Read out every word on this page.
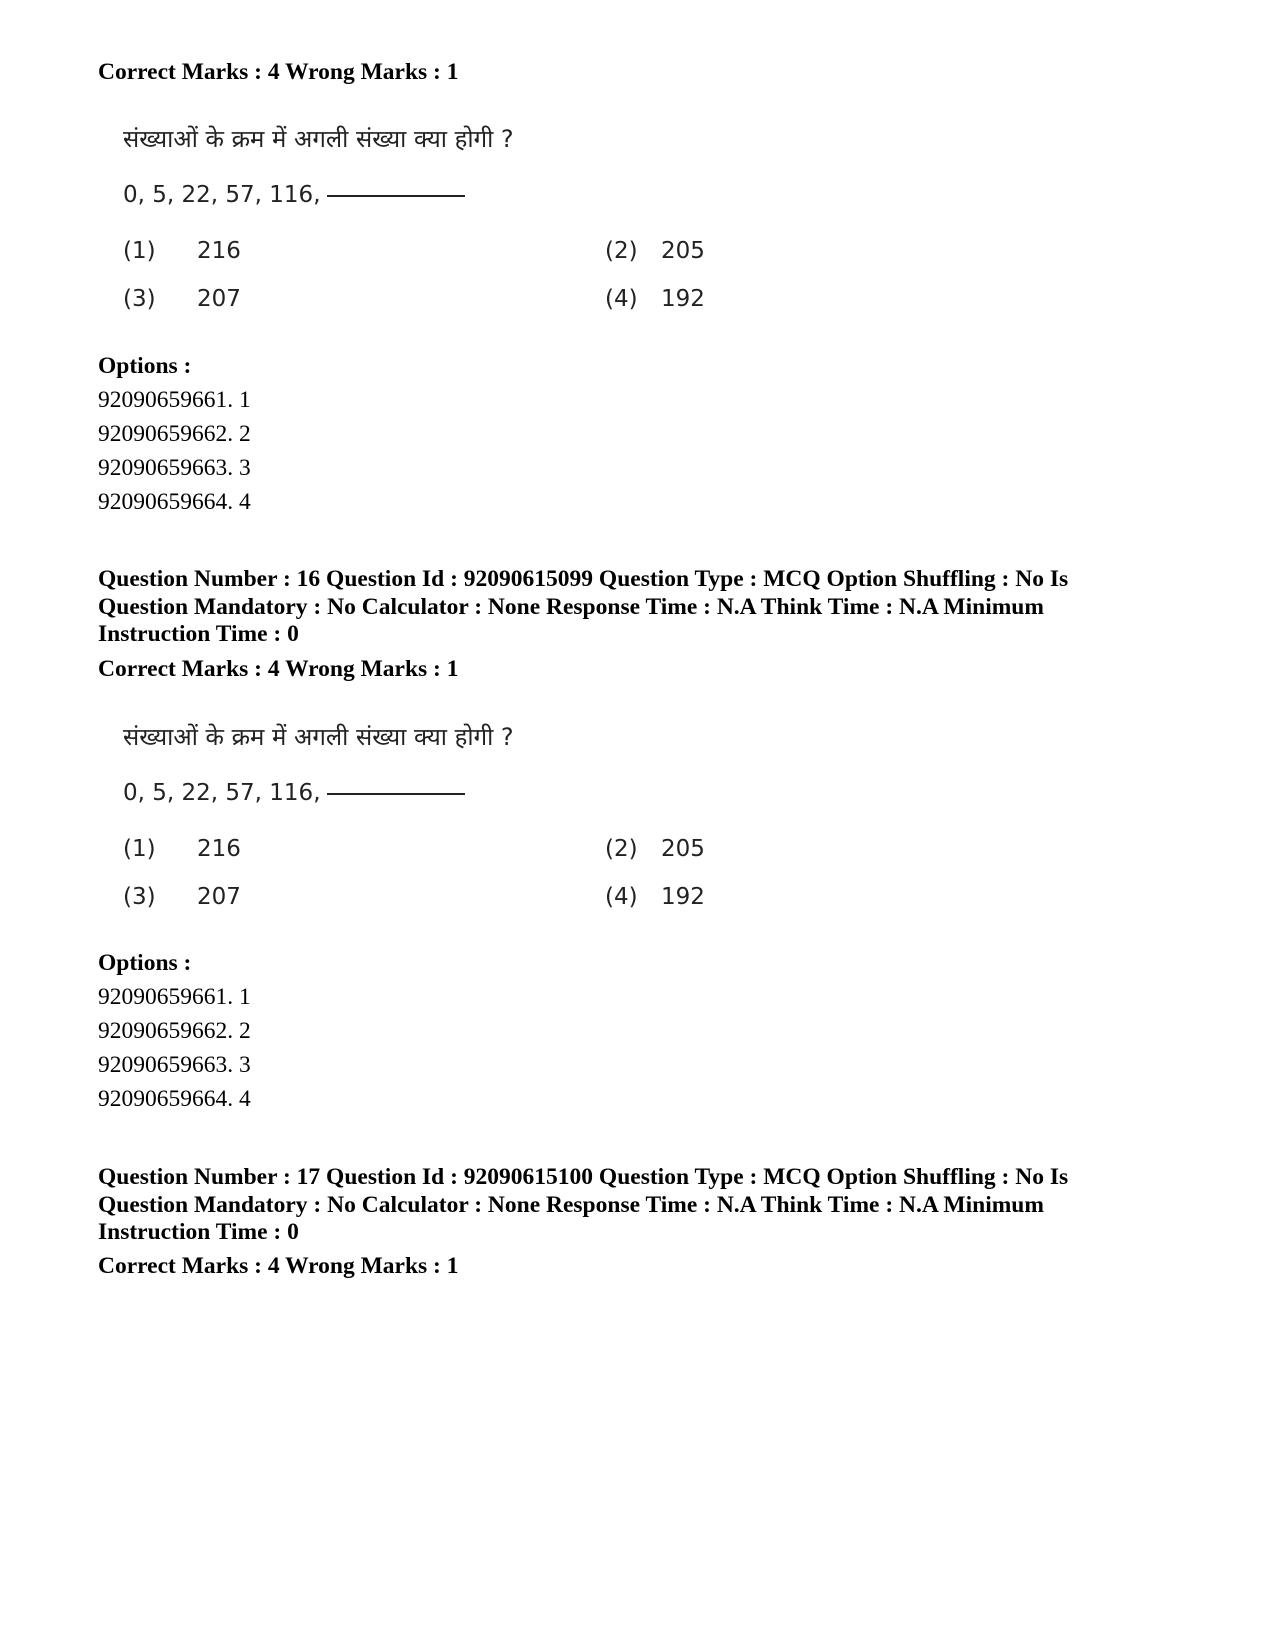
Correct Marks : 4 Wrong Marks : 1
संख्याओं के क्रम में अगली संख्या क्या होगी ?
0, 5, 22, 57, 116,
(1) 216	(2) 205
(3) 207	(4) 192
Options :
92090659661. 1
92090659662. 2
92090659663. 3
92090659664. 4
Question Number : 16 Question Id : 92090615099 Question Type : MCQ Option Shuffling : No Is
Question Mandatory : No Calculator : None Response Time : N.A Think Time : N.A Minimum
Instruction Time : 0
Correct Marks : 4 Wrong Marks : 1
संख्याओं के क्रम में अगली संख्या क्या होगी ?
0, 5, 22, 57, 116,
(1) 216	(2) 205
(3) 207	(4) 192
Options :
92090659661. 1
92090659662. 2
92090659663. 3
92090659664. 4
Question Number : 17 Question Id : 92090615100 Question Type : MCQ Option Shuffling : No Is
Question Mandatory : No Calculator : None Response Time : N.A Think Time : N.A Minimum
Instruction Time : 0
Correct Marks : 4 Wrong Marks : 1
